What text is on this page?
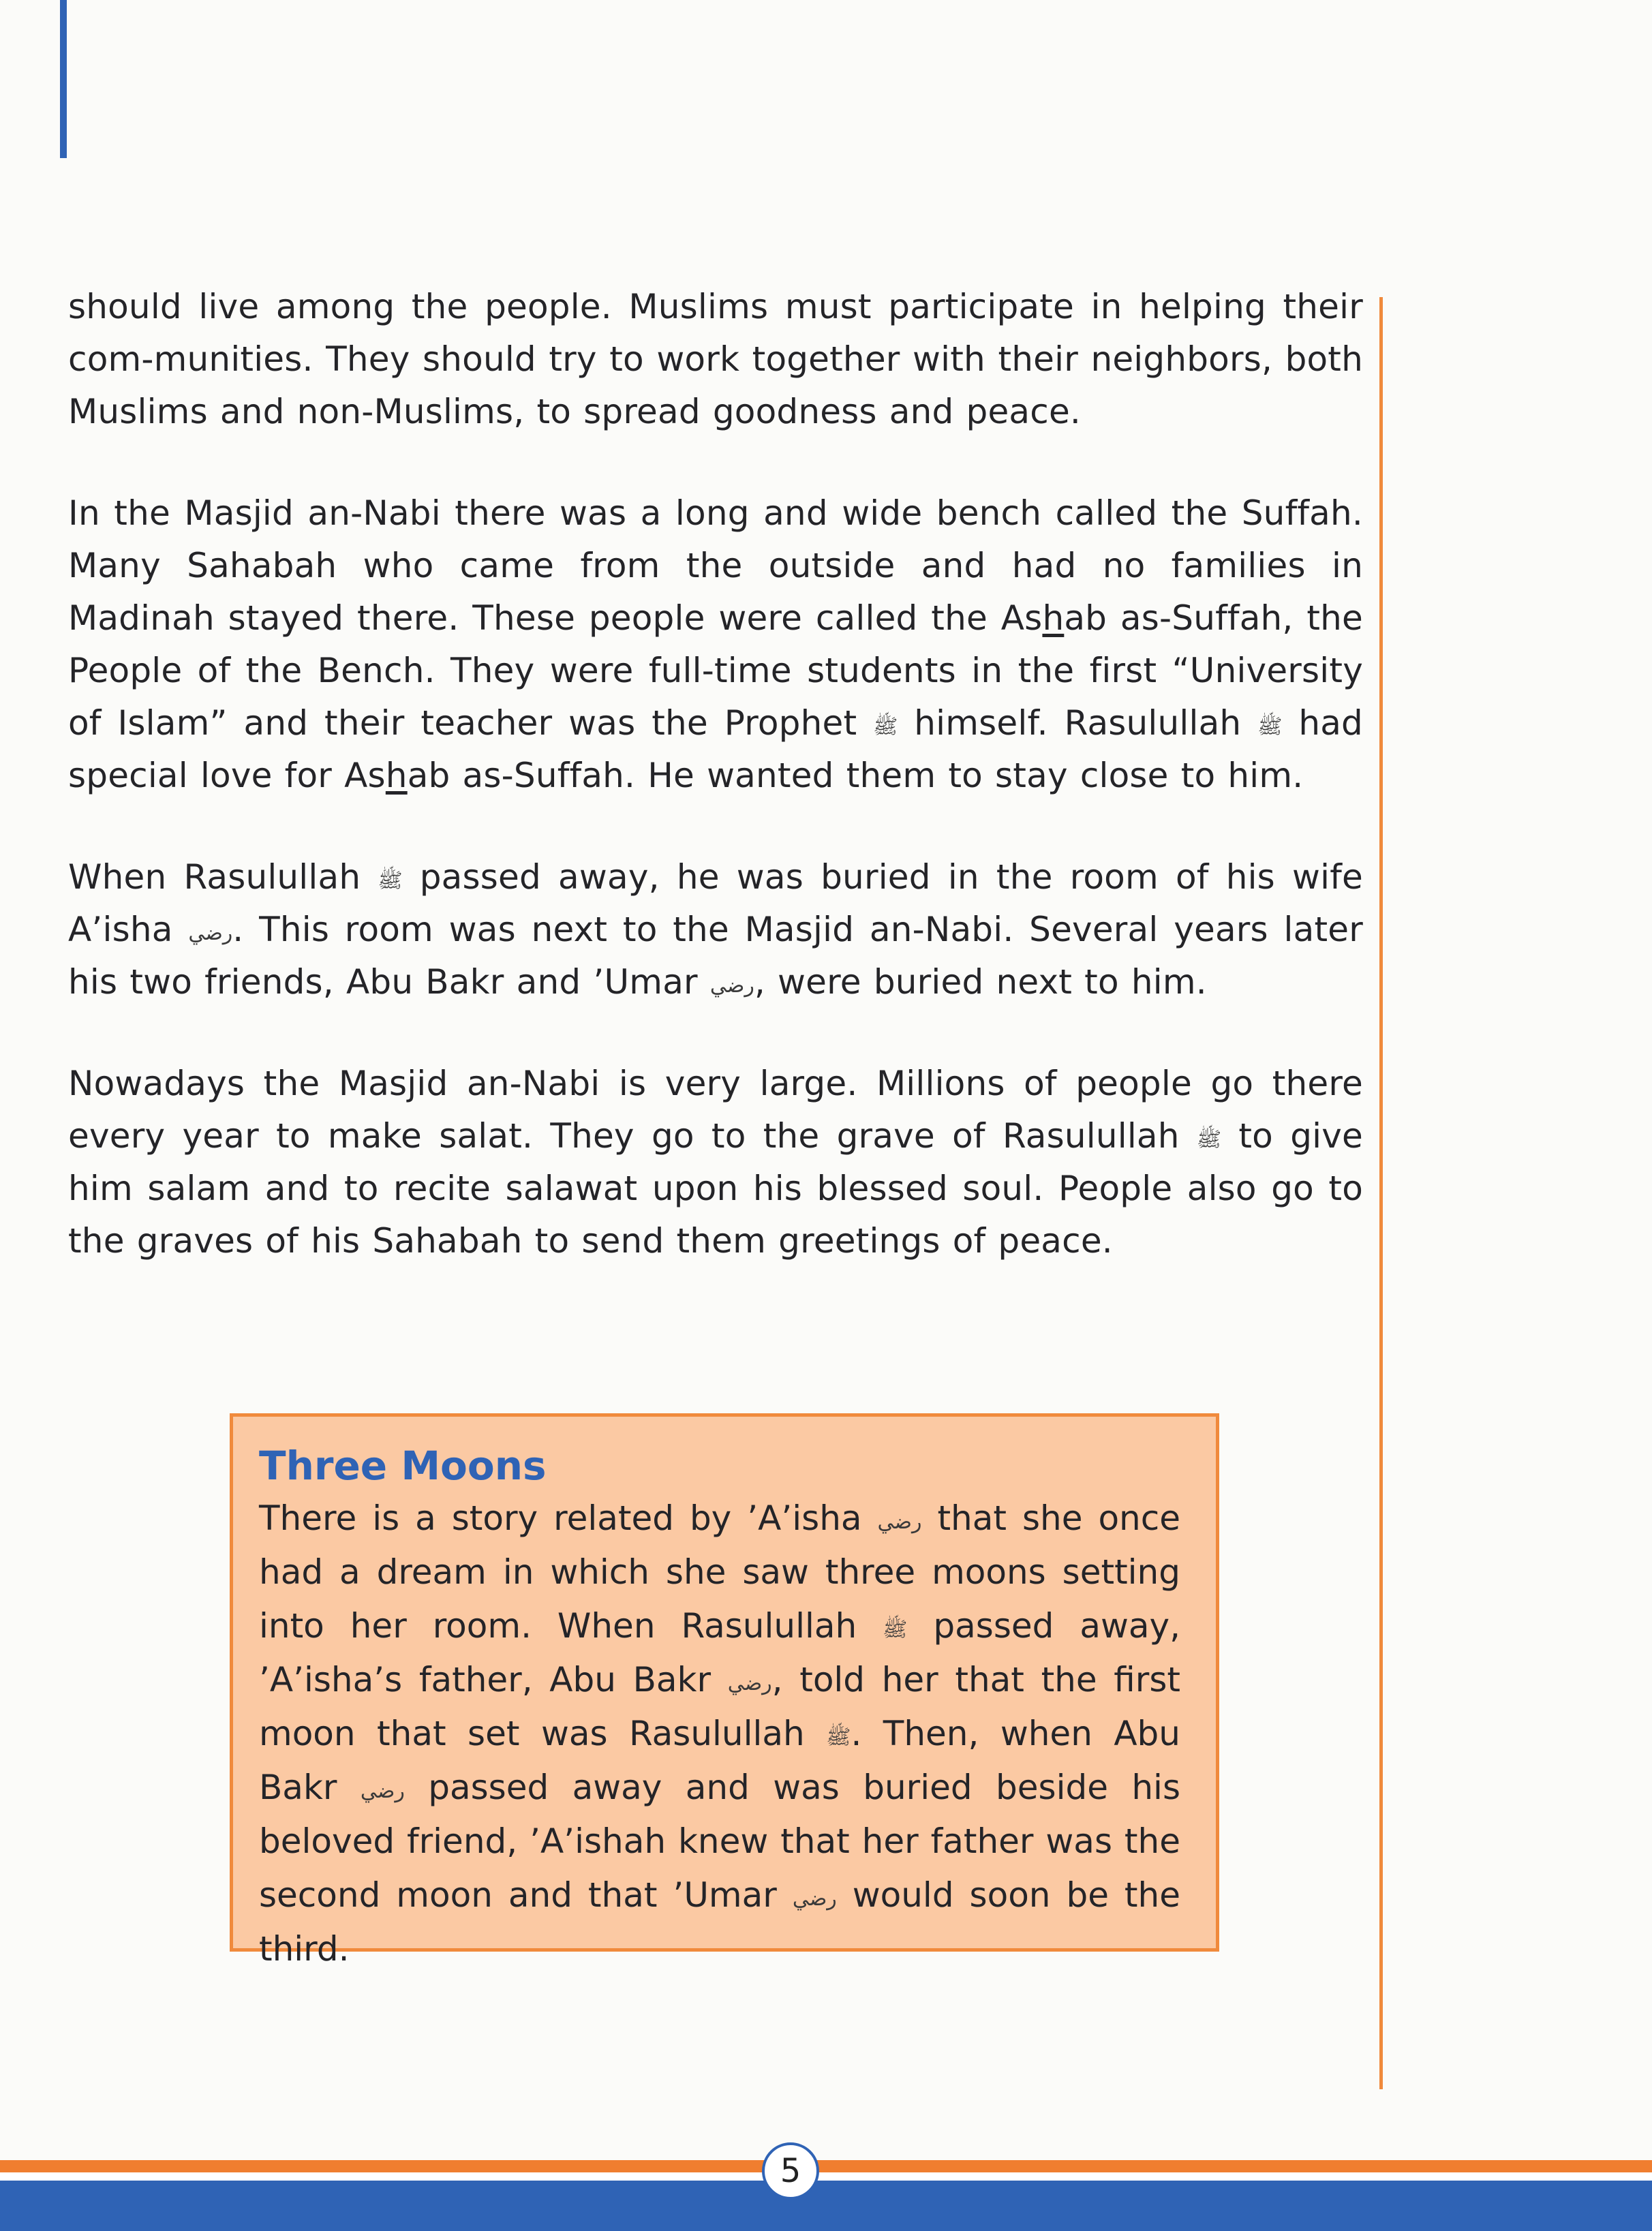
should live among the people. Muslims must participate in helping their com-munities. They should try to work together with their neighbors, both Muslims and non-Muslims, to spread goodness and peace.

In the Masjid an-Nabi there was a long and wide bench called the Suffah. Many Sahabah who came from the outside and had no families in Madinah stayed there. These people were called the Ashab as-Suffah, the People of the Bench. They were full-time students in the first “University of Islam” and their teacher was the Prophet ﷺ himself. Rasulullah ﷺ had special love for Ashab as-Suffah. He wanted them to stay close to him.

When Rasulullah ﷺ passed away, he was buried in the room of his wife A’isha رضي. This room was next to the Masjid an-Nabi. Several years later his two friends, Abu Bakr and ’Umar رضي, were buried next to him.

Nowadays the Masjid an-Nabi is very large. Millions of people go there every year to make salat. They go to the grave of Rasulullah ﷺ to give him salam and to recite salawat upon his blessed soul. People also go to the graves of his Sahabah to send them greetings of peace.

Three Moons

There is a story related by ’A’isha رضي that she once had a dream in which she saw three moons setting into her room. When Rasulullah ﷺ passed away, ’A’isha’s father, Abu Bakr رضي, told her that the first moon that set was Rasulullah ﷺ. Then, when Abu Bakr رضي passed away and was buried beside his beloved friend, ’A’ishah knew that her father was the second moon and that ’Umar رضي would soon be the third.

5
